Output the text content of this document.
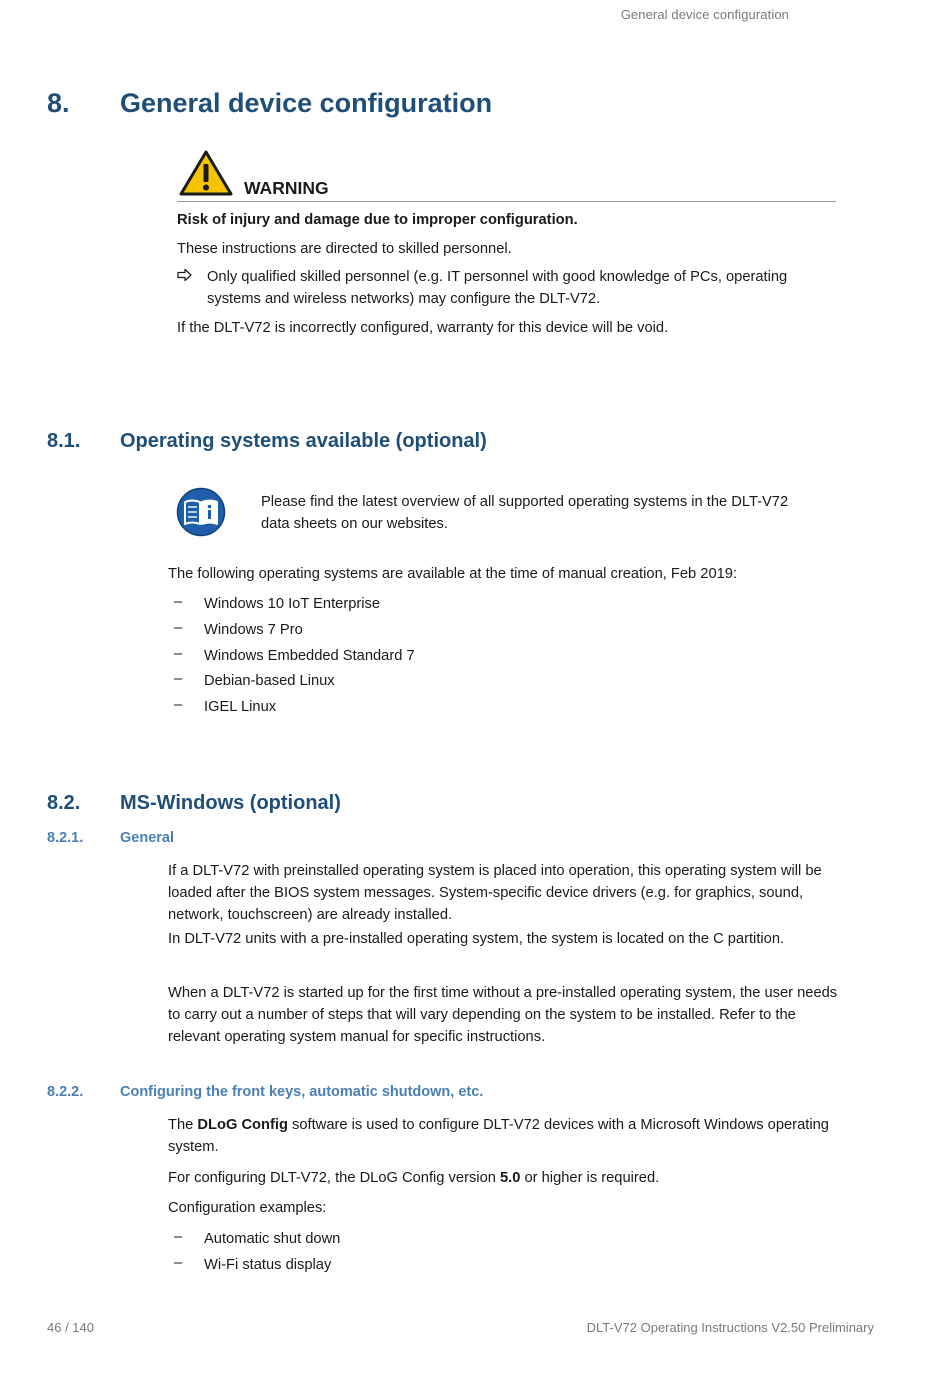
General device configuration
8. General device configuration
WARNING
Risk of injury and damage due to improper configuration.
These instructions are directed to skilled personnel.
Only qualified skilled personnel (e.g. IT personnel with good knowledge of PCs, operating
systems and wireless networks) may configure the DLT-V72.
If the DLT-V72 is incorrectly configured, warranty for this device will be void.
8.1. Operating systems available (optional)
Please find the latest overview of all supported operating systems in the DLT-V72
data sheets on our websites.
The following operating systems are available at the time of manual creation, Feb 2019:
– Windows 10 IoT Enterprise
– Windows 7 Pro
– Windows Embedded Standard 7
– Debian-based Linux
– IGEL Linux
8.2. MS-Windows (optional)
8.2.1.	General
If a DLT-V72 with preinstalled operating system is placed into operation, this operating system will be
loaded after the BIOS system messages. System-specific device drivers (e.g. for graphics, sound,
network, touchscreen) are already installed.
In DLT-V72 units with a pre-installed operating system, the system is located on the C partition.
When a DLT-V72 is started up for the first time without a pre-installed operating system, the user needs
to carry out a number of steps that will vary depending on the system to be installed. Refer to the
relevant operating system manual for specific instructions.
8.2.2.	Configuring the front keys, automatic shutdown, etc.
The DLoG Config software is used to configure DLT-V72 devices with a Microsoft Windows operating
system.
For configuring DLT-V72, the DLoG Config version 5.0 or higher is required.
Configuration examples:
– Automatic shut down
– Wi-Fi status display
46 / 140	DLT-V72 Operating Instructions V2.50 Preliminary
